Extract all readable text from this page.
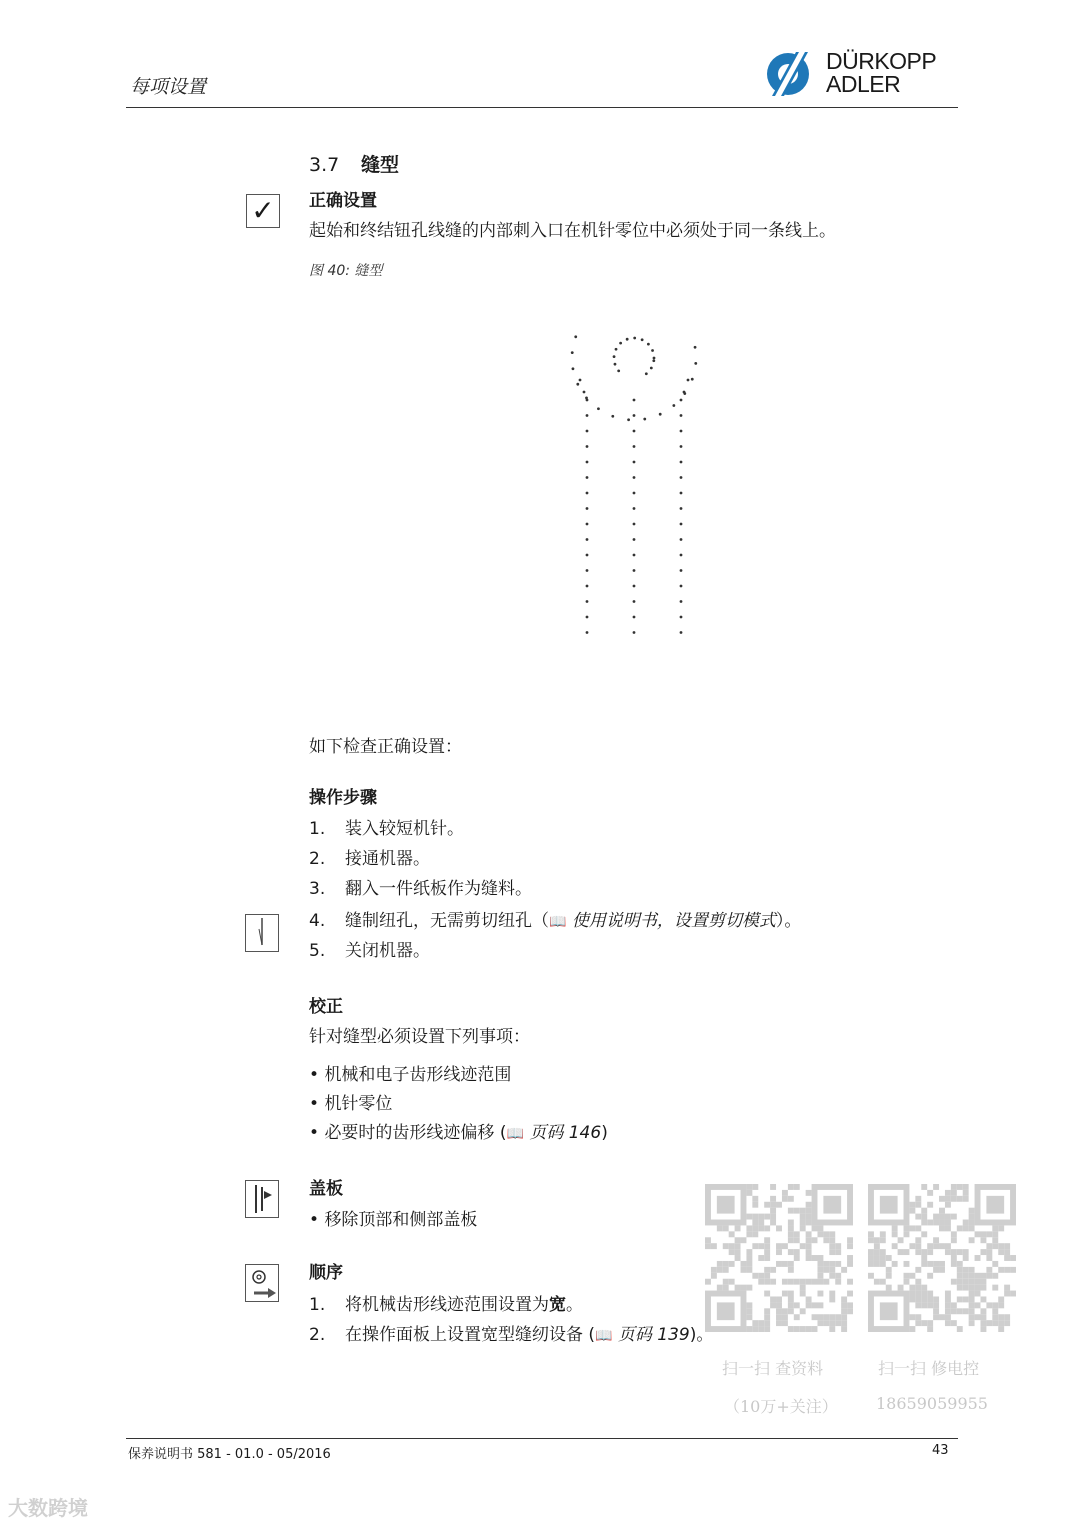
每项设置
DÜRKOPP
ADLER
3.7 缝型
✓ 正确设置
起始和终结钮孔线缝的内部刺入口在机针零位中必须处于同一条线上。
图 40: 缝型
如下检查正确设置：
操作步骤
1. 装入较短机针。
2. 接通机器。
3. 翻入一件纸板作为缝料。
4. 缝制纽孔，无需剪切纽孔（📖 使用说明书，设置剪切模式）。
5. 关闭机器。
校正
针对缝型必须设置下列事项：
• 机械和电子齿形线迹范围
• 机针零位
• 必要时的齿形线迹偏移 (📖 页码 146)
盖板
• 移除顶部和侧部盖板
顺序
1. 将机械齿形线迹范围设置为宽。
2. 在操作面板上设置宽型缝纫设备 (📖 页码 139)。
扫一扫 查资料
（10万+关注）
扫一扫 修电控
18659059955
保养说明书 581 - 01.0 - 05/2016	43
大数跨境
